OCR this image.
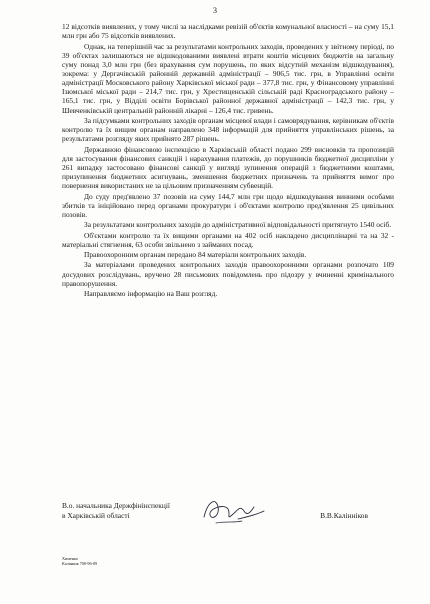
3

12 відсотків виявлених, у тому числі за наслідками ревізій об'єктів комунальної власності – на суму 15,1 млн грн або 75 відсотків виявлених.

Однак, на теперішній час за результатами контрольних заходів, проведених у звітному періоді, по 39 об'єктах залишаються не відшкодованими виявлені втрати коштів місцевих бюджетів на загальну суму понад 3,0 млн грн (без врахування сум порушень, по яких відсутній механізм відшкодування), зокрема: у Дергачівській районній державній адміністрації – 906,5 тис. грн, в Управлінні освіти адміністрації Московського району Харківської міської ради – 377,8 тис. грн, у Фінансовому управлінні Ізюмської міської ради – 214,7 тис. грн, у Хрестищенській сільській раді Красноградського району – 165,1 тис. грн, у Відділі освіти Борівської районної державної адміністрації – 142,3 тис. грн, у Шевченківській центральній районній лікарні – 126,4 тис. гривень.

За підсумками контрольних заходів органам місцевої влади і самоврядування, керівникам об'єктів контролю та їх вищим органам направлено 348 інформацій для прийняття управлінських рішень, за результатами розгляду яких прийнято 287 рішень.

Державною фінансовою інспекцією в Харківській області подано 299 висновків та пропозицій для застосування фінансових санкцій і нарахування платежів, до порушників бюджетної дисципліни у 261 випадку застосовано фінансові санкції у вигляді зупинення операцій з бюджетними коштами, призупинення бюджетних асигнувань, зменшення бюджетних призначень та прийняття вимог про повернення використаних не за цільовим призначенням субвенцій.

До суду пред'явлено 37 позовів на суму 144,7 млн грн щодо відшкодування винними особами збитків та ініційовано перед органами прокуратури і об'єктами контролю пред'явлення 25 цивільних позовів.

За результатами контрольних заходів до адміністративної відповідальності притягнуто 1540 осіб.

Об'єктами контролю та їх вищими органами на 402 осіб накладено дисциплінарні та на 32 - матеріальні стягнення, 63 особи звільнено з займаних посад.

Правоохоронним органам передано 84 матеріали контрольних заходів.

За матеріалами проведених контрольних заходів правоохоронними органами розпочато 109 досудових розслідувань, вручено 28 письмових повідомлень про підозру у вчиненні кримінального правопорушення.

Направляємо інформацію на Ваш розгляд.

В.о. начальника Держфінінспекції
в Харківській області	В.В.Калінніков
Хименко
Калінник 700-96-09
